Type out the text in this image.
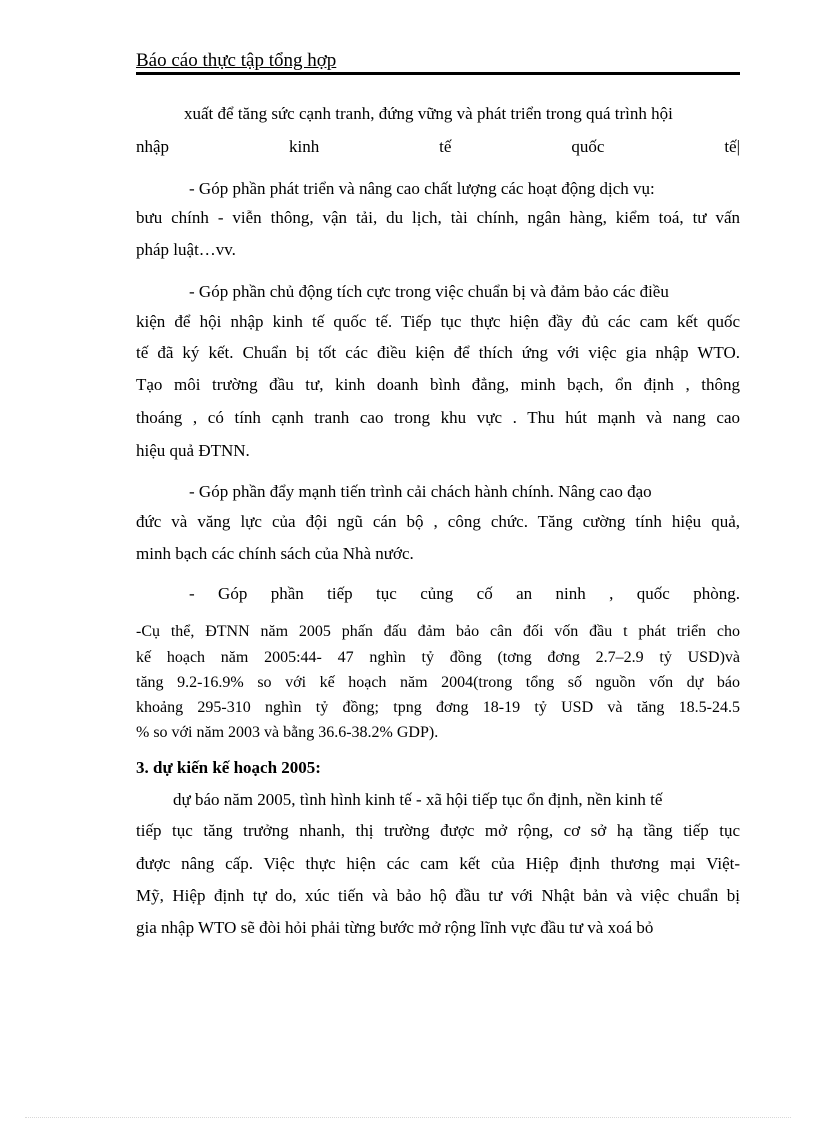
Báo cáo thực tập tổng hợp
xuất để tăng sức cạnh tranh, đứng vững và phát triển trong quá trình hội
nhập kinh tế quốc tế|
- Góp phần phát triển và nâng cao chất lượng các hoạt động dịch vụ:
bưu chính - viễn thông, vận tải, du lịch, tài chính, ngân hàng, kiểm toá, tư vấn
pháp luật…vv.
- Góp phần chủ động tích cực trong việc chuẩn bị và đảm bảo các điều
kiện để hội nhập kinh tế quốc tế. Tiếp tục thực hiện đầy đủ các cam kết quốc
tế đã ký kết. Chuẩn bị tốt các điều kiện để thích ứng với việc gia nhập WTO.
Tạo môi trường đầu tư, kinh doanh bình đẳng, minh bạch, ổn định , thông
thoáng , có tính cạnh tranh cao trong khu vực . Thu hút mạnh và nang cao
hiệu quả ĐTNN.
- Góp phần đẩy mạnh tiến trình cải chách hành chính. Nâng cao đạo
đức và văng lực của đội ngũ cán bộ , công chức. Tăng cường tính hiệu quả,
minh bạch các chính sách của Nhà nước.
- Góp phần tiếp tục củng cố an ninh , quốc phòng.
-Cụ thể, ĐTNN năm 2005 phấn đấu đảm bảo cân đối vốn đầu t phát triển cho
kế hoạch năm 2005:44- 47 nghìn tỷ đồng (tơng đơng 2.7–2.9 tỷ USD)và
tăng 9.2-16.9% so với kế hoạch năm 2004(trong tổng số nguồn vốn dự báo
khoảng 295-310 nghìn tỷ đồng; tpng đơng 18-19 tỷ USD và tăng 18.5-24.5
% so với năm 2003 và bằng 36.6-38.2% GDP).
3. dự kiến kế hoạch 2005:
dự báo năm 2005, tình hình kinh tế - xã hội tiếp tục ổn định, nền kinh tế
tiếp tục tăng trưởng nhanh, thị trường được mở rộng, cơ sở hạ tầng tiếp tục
được nâng cấp. Việc thực hiện các cam kết của Hiệp định thương mại Việt-
Mỹ, Hiệp định tự do, xúc tiến và bảo hộ đầu tư với Nhật bản và việc chuẩn bị
gia nhập WTO sẽ đòi hỏi phải từng bước mở rộng lĩnh vực đầu tư và xoá bỏ
